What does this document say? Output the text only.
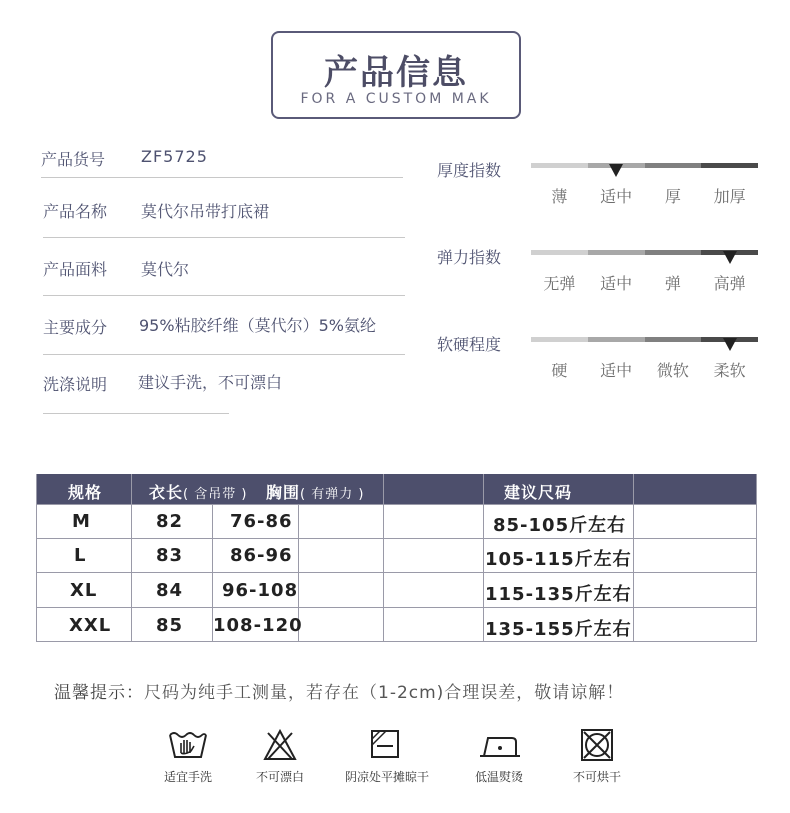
产品信息
FOR A CUSTOM MAK
产品货号 ZF5725
产品名称 莫代尔吊带打底裙
产品面料 莫代尔
主要成分 95%粘胶纤维（莫代尔）5%氨纶
洗涤说明 建议手洗，不可漂白
厚度指数
薄	适中	厚	加厚
弹力指数
无弹	适中	弹	高弹
软硬程度
硬	适中	微软	柔软
规格	衣长( 含吊带 ) 胸围( 有弹力 )	建议尺码
M	82	76-86	85-105斤左右
L	83	86-96	105-115斤左右
XL	84 96-108	115-135斤左右
XXL 85 108-120	135-155斤左右
温馨提示：尺码为纯手工测量，若存在（1-2cm)合理误差，敬请谅解！
适宜手洗	不可漂白	阴凉处平摊晾干	低温熨烫	不可烘干
